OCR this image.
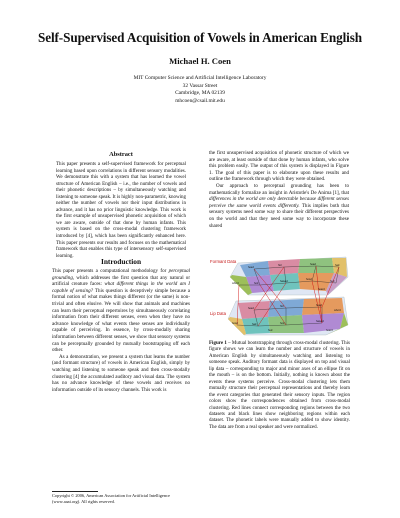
Self-Supervised Acquisition of Vowels in American English
Michael H. Coen
MIT Computer Science and Artificial Intelligence Laboratory
32 Vassar Street
Cambridge, MA 02139
mhcoen@csail.mit.edu
Abstract
This paper presents a self-supervised framework for perceptual learning based upon correlations in different sensory modalities. We demonstrate this with a system that has learned the vowel structure of American English – i.e., the number of vowels and their phonetic descriptions – by simultaneously watching and listening to someone speak. It is highly non-parametric, knowing neither the number of vowels nor their input distributions in advance, and it has no prior linguistic knowledge. This work is the first example of unsupervised phonetic acquisition of which we are aware, outside of that done by human infants. This system is based on the cross-modal clustering framework introduced by [4], which has been significantly enhanced here. This paper presents our results and focuses on the mathematical framework that enables this type of intersensory self-supervised learning.
Introduction

This paper presents a computational methodology for perceptual grounding, which addresses the first question that any natural or artificial creature faces: what different things in the world am I capable of sensing? This question is deceptively simple because a formal notion of what makes things different (or the same) is non-trivial and often elusive. We will show that animals and machines can learn their perceptual repertoires by simultaneously correlating information from their different senses, even when they have no advance knowledge of what events these senses are individually capable of perceiving. In essence, by cross-modally sharing information between different senses, we show that sensory systems can be perceptually grounded by mutually bootstrapping off each other.

As a demonstration, we present a system that learns the number (and formant structure) of vowels in American English, simply by watching and listening to someone speak and then cross-modally clustering [4] the accumulated auditory and visual data. The system has no advance knowledge of these vowels and receives no information outside of its sensory channels. This work is

Copyright © 2006, American Association for Artificial Intelligence
(www.aaai.org). All rights reserved.

the first unsupervised acquisition of phonetic structure of which we are aware, at least outside of that done by human infants, who solve this problem easily. The output of this system is displayed in Figure 1. The goal of this paper is to elaborate upon these results and outline the framework through which they were obtained.

Our approach to perceptual grounding has been to mathematically formalize an insight in Aristotle's De Anima [1], that differences in the world are only detectable because different senses perceive the same world events differently. This implies both that sensory systems need some way to share their different perspectives on the world and that they need some way to incorporate these shared

Formant Data
Lip Data
heed
hid	head	had
hod
hawed
hood
who'd
hud
heard
heed
hid	head
had	hod
hawed
hood
who'd
hud	heard
Figure 1 – Mutual bootstrapping through cross-modal clustering. This figure shows we can learn the number and structure of vowels in American English by simultaneously watching and listening to someone speak. Auditory formant data is displayed on top and visual lip data – corresponding to major and minor axes of an ellipse fit on the mouth – is on the bottom. Initially, nothing is known about the events these systems perceive. Cross-modal clustering lets them mutually structure their perceptual representations and thereby learn the event categories that generated their sensory inputs. The region colors show the correspondences obtained from cross-modal clustering. Red lines connect corresponding regions between the two datasets and black lines show neighboring regions within each dataset. The phonetic labels were manually added to show identity. The data are from a real speaker and were normalized.
